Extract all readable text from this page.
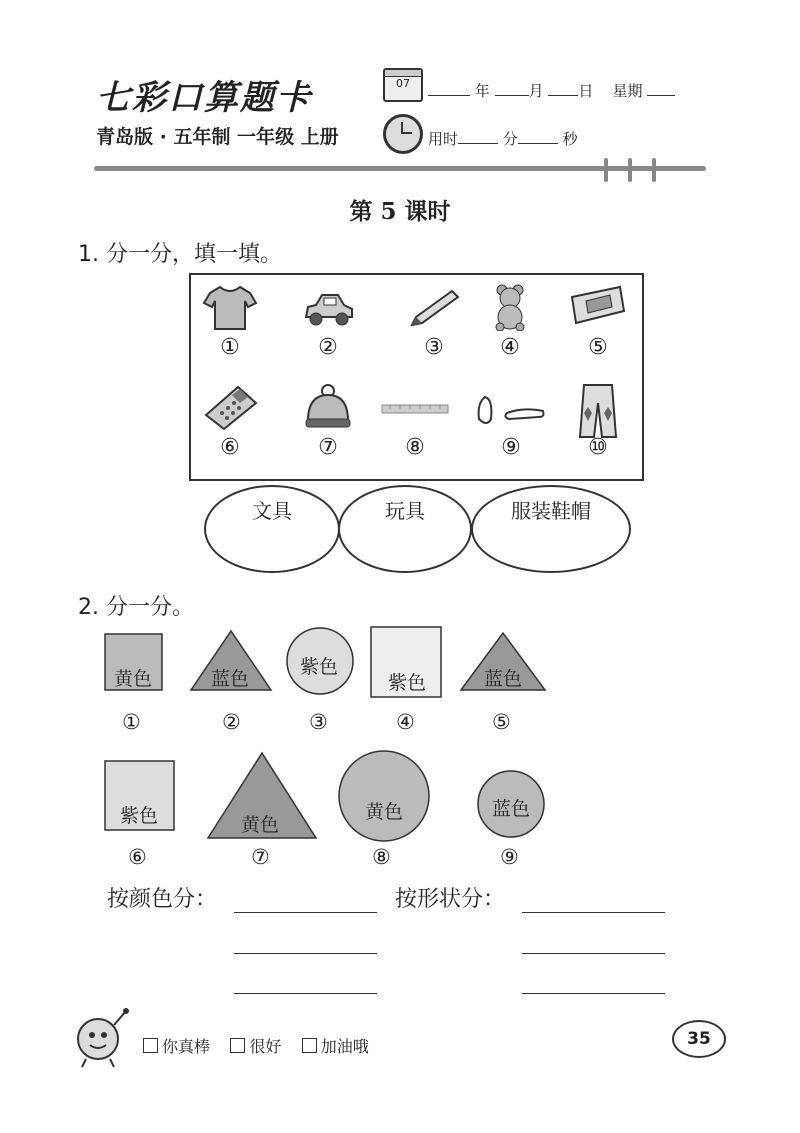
七彩口算题卡
青岛版 · 五年制 一年级 上册
07	年	月 日 星期
用时	分	秒
第 5 课时
1. 分一分，填一填。
①	②	③	④	⑤
⑥	⑦	⑧	⑨	⑩
文具	玩具	服装鞋帽
2. 分一分。
黄色	蓝色
紫色
紫色	蓝色
紫色	黄色
黄色	蓝色
①	②	③	④	⑤
⑥	⑦	⑧	⑨
按颜色分：	按形状分：
你真棒 很好 加油哦	35
